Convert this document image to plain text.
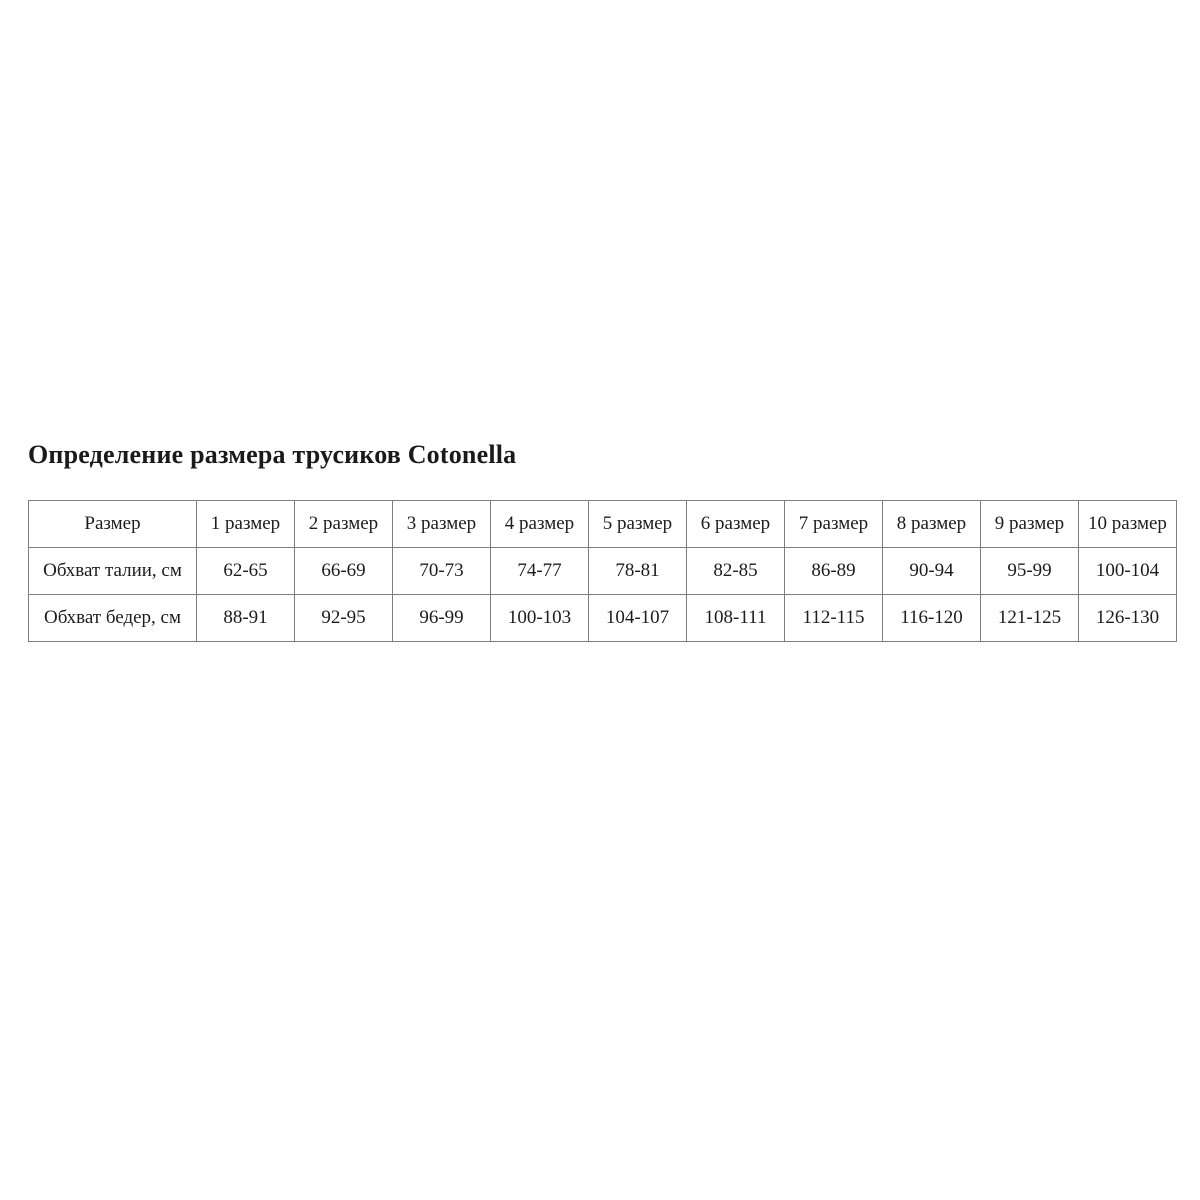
Определение размера трусиков Cotonella
Размер	1 размер	2 размер	3 размер	4 размер	5 размер	6 размер	7 размер	8 размер	9 размер	10 размер
Обхват талии, см	62-65	66-69	70-73	74-77	78-81	82-85	86-89	90-94	95-99	100-104
Обхват бедер, см	88-91	92-95	96-99	100-103	104-107	108-111	112-115	116-120	121-125	126-130
